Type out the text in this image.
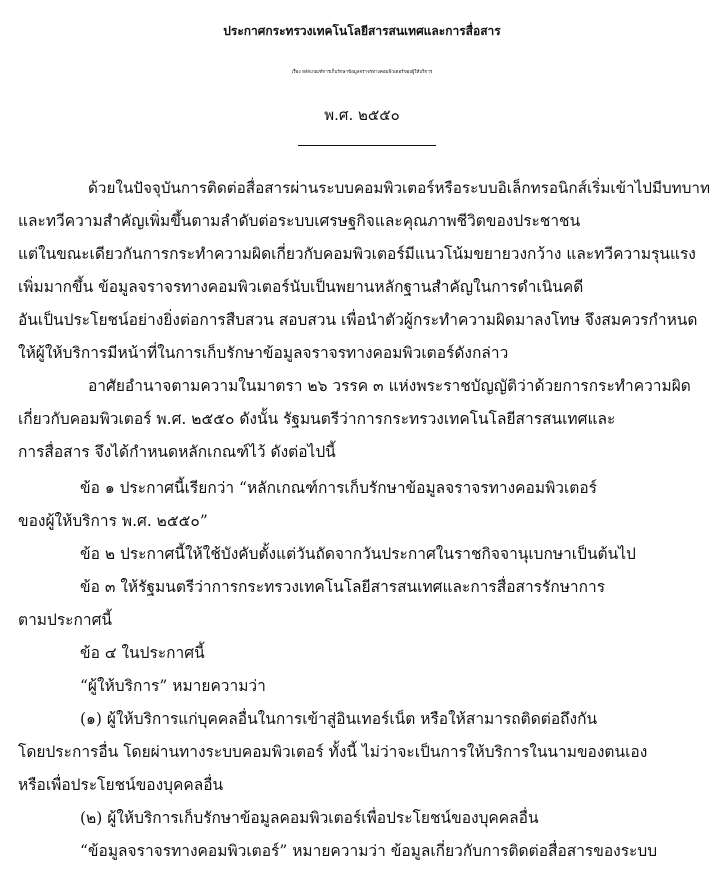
ประกาศกระทรวงเทคโนโลยีสารสนเทศและการสื่อสาร
เรื่อง หลักเกณฑ์การเก็บรักษาข้อมูลจราจรทางคอมพิวเตอร์ของผู้ให้บริการ
พ.ศ. ๒๕๕๐

ด้วยในปัจจุบันการติดต่อสื่อสารผ่านระบบคอมพิวเตอร์หรือระบบอิเล็กทรอนิกส์เริ่มเข้าไปมีบทบาท

และทวีความสำคัญเพิ่มขึ้นตามลำดับต่อระบบเศรษฐกิจและคุณภาพชีวิตของประชาชน

แต่ในขณะเดียวกันการกระทำความผิดเกี่ยวกับคอมพิวเตอร์มีแนวโน้มขยายวงกว้าง และทวีความรุนแรง

เพิ่มมากขึ้น ข้อมูลจราจรทางคอมพิวเตอร์นับเป็นพยานหลักฐานสำคัญในการดำเนินคดี

อันเป็นประโยชน์อย่างยิ่งต่อการสืบสวน สอบสวน เพื่อนำตัวผู้กระทำความผิดมาลงโทษ จึงสมควรกำหนด

ให้ผู้ให้บริการมีหน้าที่ในการเก็บรักษาข้อมูลจราจรทางคอมพิวเตอร์ดังกล่าว

อาศัยอำนาจตามความในมาตรา ๒๖ วรรค ๓ แห่งพระราชบัญญัติว่าด้วยการกระทำความผิด

เกี่ยวกับคอมพิวเตอร์ พ.ศ. ๒๕๕๐ ดังนั้น รัฐมนตรีว่าการกระทรวงเทคโนโลยีสารสนเทศและ

การสื่อสาร จึงได้กำหนดหลักเกณฑ์ไว้ ดังต่อไปนี้

ข้อ ๑ ประกาศนี้เรียกว่า “หลักเกณฑ์การเก็บรักษาข้อมูลจราจรทางคอมพิวเตอร์

ของผู้ให้บริการ พ.ศ. ๒๕๕๐”

ข้อ ๒ ประกาศนี้ให้ใช้บังคับตั้งแต่วันถัดจากวันประกาศในราชกิจจานุเบกษาเป็นต้นไป

ข้อ ๓ ให้รัฐมนตรีว่าการกระทรวงเทคโนโลยีสารสนเทศและการสื่อสารรักษาการ

ตามประกาศนี้

ข้อ ๔ ในประกาศนี้

“ผู้ให้บริการ” หมายความว่า

(๑) ผู้ให้บริการแก่บุคคลอื่นในการเข้าสู่อินเทอร์เน็ต หรือให้สามารถติดต่อถึงกัน

โดยประการอื่น โดยผ่านทางระบบคอมพิวเตอร์ ทั้งนี้ ไม่ว่าจะเป็นการให้บริการในนามของตนเอง

หรือเพื่อประโยชน์ของบุคคลอื่น

(๒) ผู้ให้บริการเก็บรักษาข้อมูลคอมพิวเตอร์เพื่อประโยชน์ของบุคคลอื่น

“ข้อมูลจราจรทางคอมพิวเตอร์” หมายความว่า ข้อมูลเกี่ยวกับการติดต่อสื่อสารของระบบ
